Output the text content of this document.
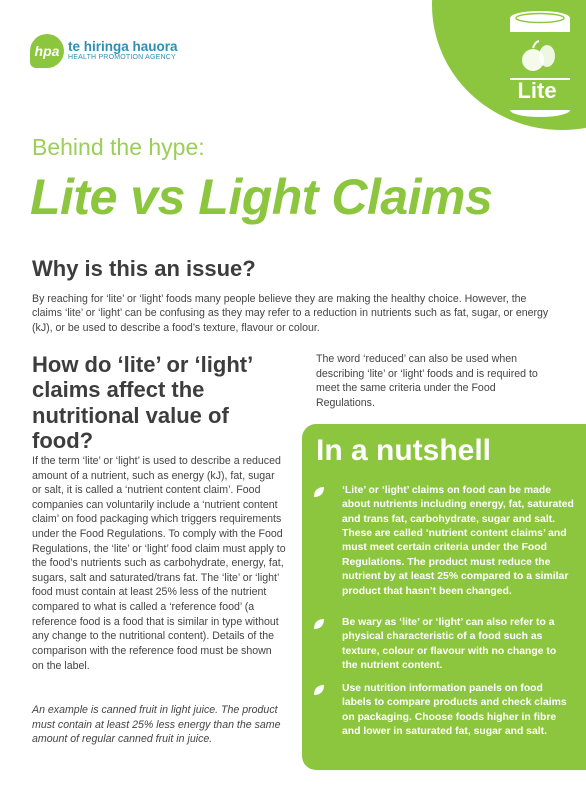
Lite
hpa te hiringa hauora
HEALTH PROMOTION AGENCY
Behind the hype:
Lite vs Light Claims
Why is this an issue?
By reaching for ‘lite’ or ‘light’ foods many people believe they are making the healthy choice. However, the claims ‘lite’ or ‘light’ can be confusing as they may refer to a reduction in nutrients such as fat, sugar, or energy (kJ), or be used to describe a food’s texture, flavour or colour.
How do ‘lite’ or ‘light’ claims affect the nutritional value of food?
If the term ‘lite’ or ‘light’ is used to describe a reduced amount of a nutrient, such as energy (kJ), fat, sugar or salt, it is called a ‘nutrient content claim’. Food companies can voluntarily include a ‘nutrient content claim’ on food packaging which triggers requirements under the Food Regulations. To comply with the Food Regulations, the ‘lite’ or ‘light’ food claim must apply to the food’s nutrients such as carbohydrate, energy, fat, sugars, salt and saturated/trans fat. The ‘lite’ or ‘light’ food must contain at least 25% less of the nutrient compared to what is called a ‘reference food’ (a reference food is a food that is similar in type without any change to the nutritional content). Details of the comparison with the reference food must be shown on the label.
An example is canned fruit in light juice. The product must contain at least 25% less energy than the same amount of regular canned fruit in juice.
The word ‘reduced’ can also be used when describing ‘lite’ or ‘light’ foods and is required to meet the same criteria under the Food Regulations.
In a nutshell
‘Lite’ or ‘light’ claims on food can be made about nutrients including energy, fat, saturated and trans fat, carbohydrate, sugar and salt. These are called ‘nutrient content claims’ and must meet certain criteria under the Food Regulations. The product must reduce the nutrient by at least 25% compared to a similar product that hasn’t been changed.
Be wary as ‘lite’ or ‘light’ can also refer to a physical characteristic of a food such as texture, colour or flavour with no change to the nutrient content.
Use nutrition information panels on food labels to compare products and check claims on packaging. Choose foods higher in fibre and lower in saturated fat, sugar and salt.
